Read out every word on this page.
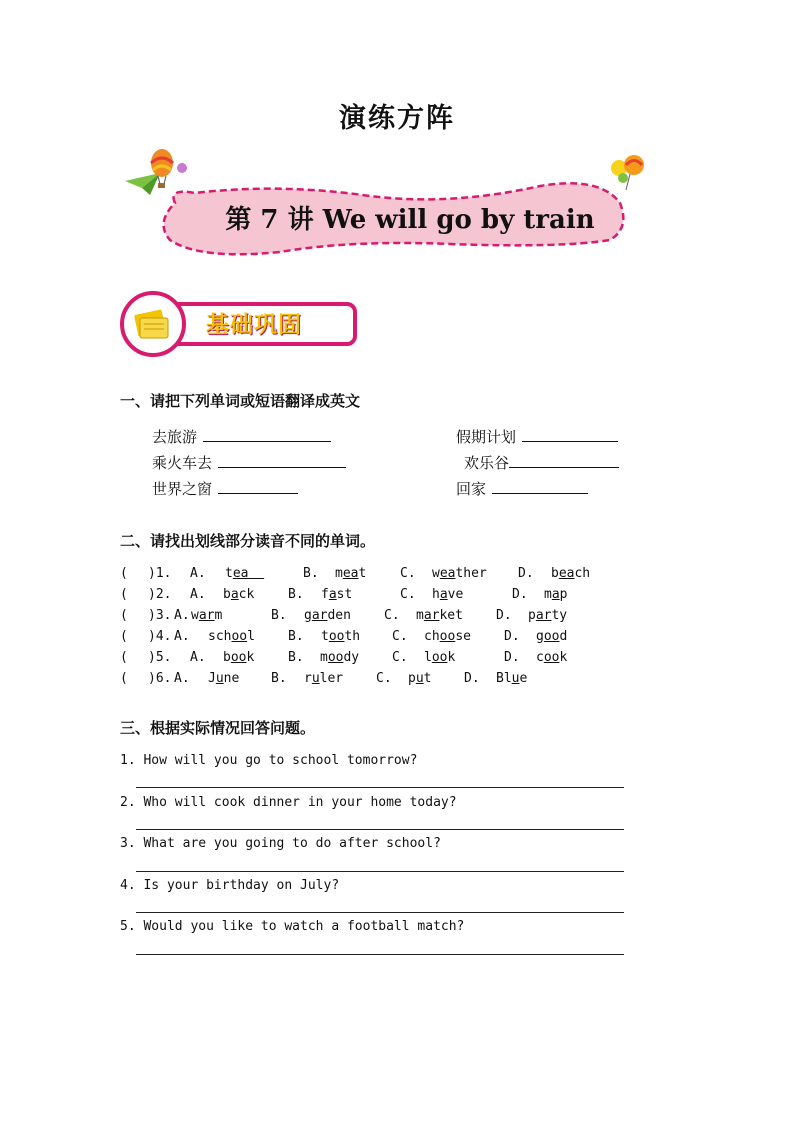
演练方阵
第 7 讲 We will go by train
基础巩固
一、请把下列单词或短语翻译成英文
去旅游	假期计划
乘火车去	欢乐谷
世界之窗	回家
二、请找出划线部分读音不同的单词。
( )1. A. tea	B. meat	C. weather D. beach
( )2. A. back	B. fast	C. have	D. map
( )3. A. warm	B. garden	C. market	D. party
( )4. A. school	B. tooth C. choose	D. good
( )5. A. book	B. moody	C. look	D. cook
( )6. A. June B. ruler	C. put	D. Blue
三、根据实际情况回答问题。
1. How will you go to school tomorrow?
2. Who will cook dinner in your home today?
3. What are you going to do after school?
4. Is your birthday on July?
5. Would you like to watch a football match?
